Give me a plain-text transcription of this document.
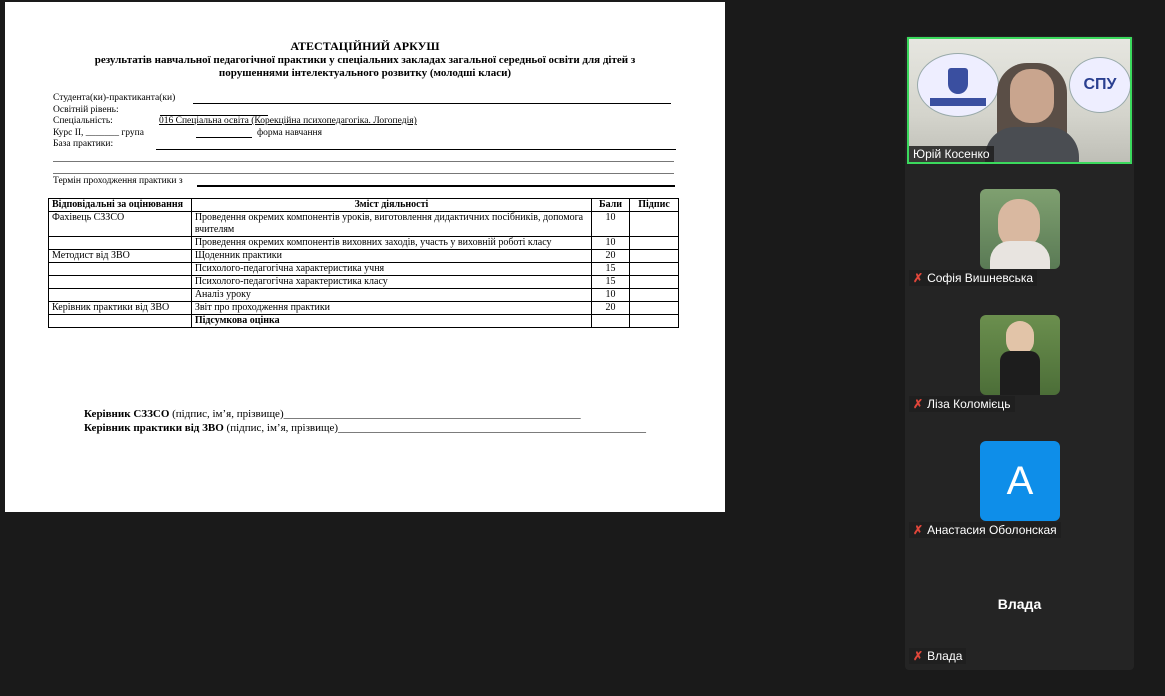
АТЕСТАЦІЙНИЙ АРКУШ
результатів навчальної педагогічної практики у спеціальних закладах загальної середньої освіти для дітей з
порушеннями інтелектуального розвитку (молодші класи)
Студента(ки)-практиканта(ки)
Освітній рівень:
Спеціальність:	016 Спеціальна освіта (Корекційна психопедагогіка. Логопедія)
Курс II, _______ група	форма навчання
База практики:
Термін проходження практики з
Відповідальні за оцінювання	Зміст діяльності	Бали	Підпис
Фахівець СЗЗСО	Проведення окремих компонентів уроків, виготовлення дидактичних посібників, допомога вчителям	10	
	Проведення окремих компонентів виховних заходів, участь у виховній роботі класу	10	
Методист від ЗВО	Щоденник практики	20	
	Психолого-педагогічна характеристика учня	15	
	Психолого-педагогічна характеристика класу	15	
	Аналіз уроку	10	
Керівник практики від ЗВО	Звіт про проходження практики	20	
	Підсумкова оцінка		
Керівник СЗЗСО (підпис, ім’я, прізвище)______________________________________________________
Керівник практики від ЗВО (підпис, ім’я, прізвище)________________________________________________________
СПУ
Юрій Косенко
✗ Софія Вишневська
✗ Ліза Коломієць
A
✗ Анастасия Оболонская
Влада
✗ Влада
